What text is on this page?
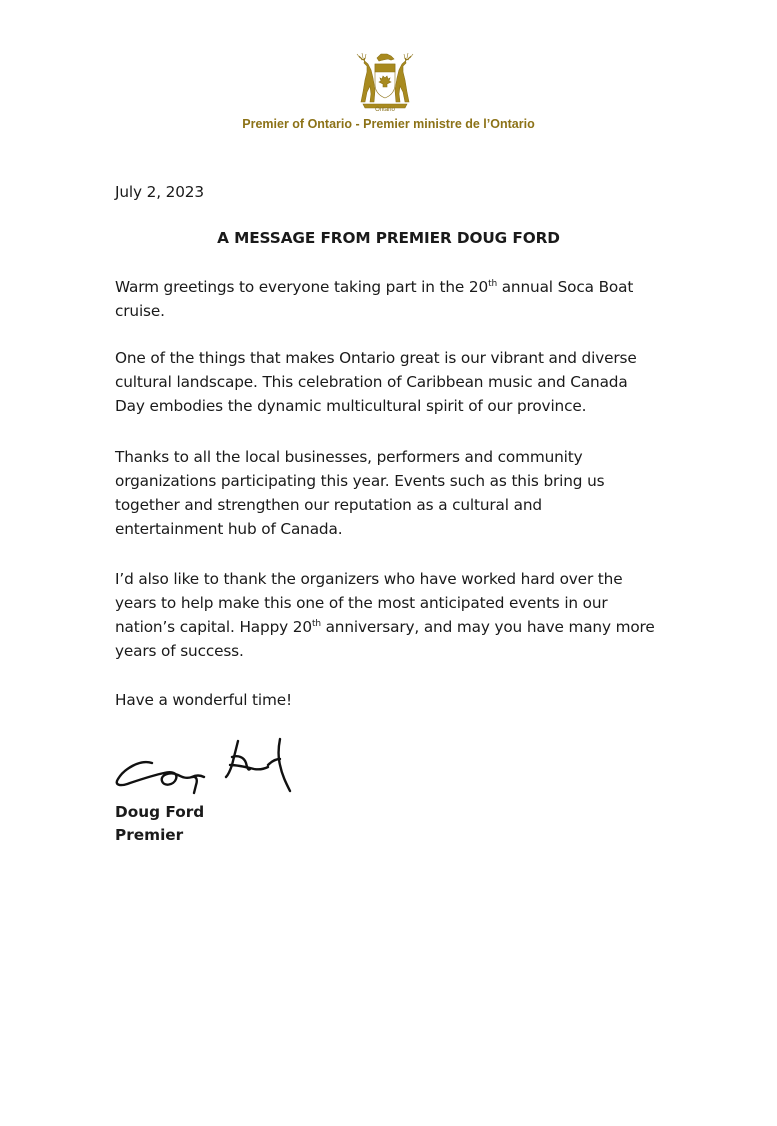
Ontario
Premier of Ontario - Premier ministre de l’Ontario
July 2, 2023
A MESSAGE FROM PREMIER DOUG FORD
Warm greetings to everyone taking part in the 20th annual Soca Boat
cruise.
One of the things that makes Ontario great is our vibrant and diverse
cultural landscape. This celebration of Caribbean music and Canada
Day embodies the dynamic multicultural spirit of our province.
Thanks to all the local businesses, performers and community
organizations participating this year. Events such as this bring us
together and strengthen our reputation as a cultural and
entertainment hub of Canada.
I’d also like to thank the organizers who have worked hard over the
years to help make this one of the most anticipated events in our
nation’s capital. Happy 20th anniversary, and may you have many more
years of success.
Have a wonderful time!
Doug Ford
Premier
